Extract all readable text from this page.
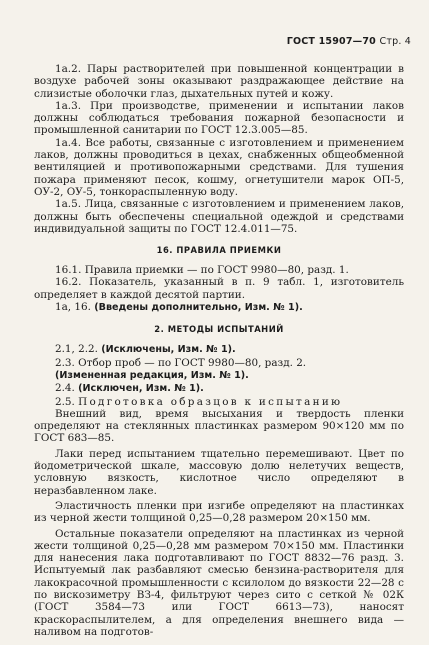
ГОСТ 15907—70 Стр. 4

1а.2. Пары растворителей при повышенной концентрации в воздухе рабочей зоны оказывают раздражающее действие на слизистые оболочки глаз, дыхательных путей и кожу.

1а.3. При производстве, применении и испытании лаков должны соблюдаться требования пожарной безопасности и промышленной санитарии по ГОСТ 12.3.005—85.

1а.4. Все работы, связанные с изготовлением и применением лаков, должны проводиться в цехах, снабженных общеобменной вентиляцией и противопожарными средствами. Для тушения пожара применяют песок, кошму, огнетушители марок ОП-5, ОУ-2, ОУ-5, тонкораспыленную воду.

1а.5. Лица, связанные с изготовлением и применением лаков, должны быть обеспечены специальной одеждой и средствами индивидуальной защиты по ГОСТ 12.4.011—75.

16. ПРАВИЛА ПРИЕМКИ

16.1. Правила приемки — по ГОСТ 9980—80, разд. 1.

16.2. Показатель, указанный в п. 9 табл. 1, изготовитель определяет в каждой десятой партии.

1а, 16. (Введены дополнительно, Изм. № 1).

2. МЕТОДЫ ИСПЫТАНИЙ

2.1, 2.2. (Исключены, Изм. № 1).

2.3. Отбор проб — по ГОСТ 9980—80, разд. 2.

(Измененная редакция, Изм. № 1).

2.4. (Исключен, Изм. № 1).

2.5. Подготовка образцов к испытанию

Внешний вид, время высыхания и твердость пленки определяют на стеклянных пластинках размером 90×120 мм по ГОСТ 683—85.

Лаки перед испытанием тщательно перемешивают. Цвет по йодометрической шкале, массовую долю нелетучих веществ, условную вязкость, кислотное число определяют в неразбавленном лаке.

Эластичность пленки при изгибе определяют на пластинках из черной жести толщиной 0,25—0,28 размером 20×150 мм.

Остальные показатели определяют на пластинках из черной жести толщиной 0,25—0,28 мм размером 70×150 мм. Пластинки для нанесения лака подготавливают по ГОСТ 8832—76 разд. 3. Испытуемый лак разбавляют смесью бензина-растворителя для лакокрасочной промышленности с ксилолом до вязкости 22—28 с по вискозиметру ВЗ-4, фильтруют через сито с сеткой № 02К (ГОСТ 3584—73 или ГОСТ 6613—73), наносят краскораспылителем, а для определения внешнего вида — наливом на подготов-
